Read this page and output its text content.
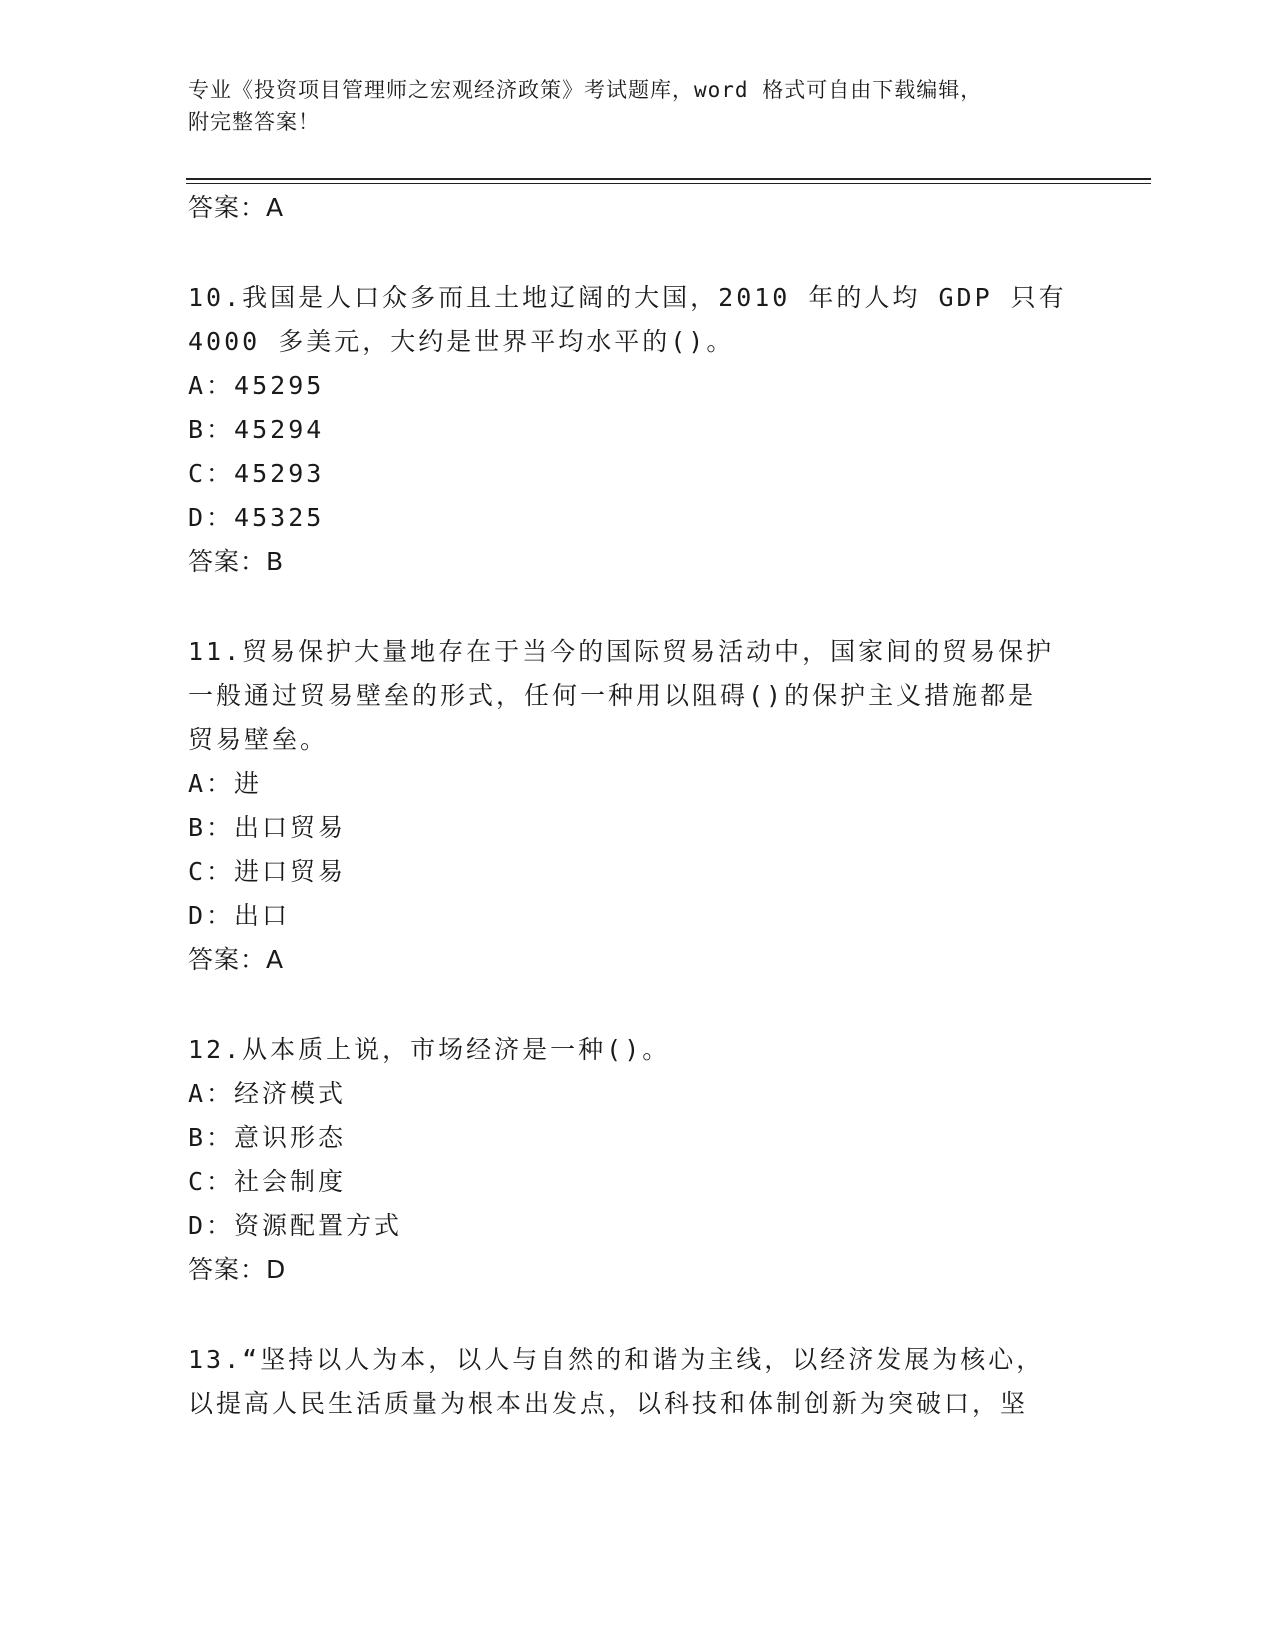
专业《投资项目管理师之宏观经济政策》考试题库，word 格式可自由下载编辑，
附完整答案！
答案：A
10.我国是人口众多而且土地辽阔的大国，2010 年的人均 GDP 只有
4000 多美元，大约是世界平均水平的()。
A：45295
B：45294
C：45293
D：45325
答案：B
11.贸易保护大量地存在于当今的国际贸易活动中，国家间的贸易保护
一般通过贸易壁垒的形式，任何一种用以阻碍()的保护主义措施都是
贸易壁垒。
A：进
B：出口贸易
C：进口贸易
D：出口
答案：A
12.从本质上说，市场经济是一种()。
A：经济模式
B：意识形态
C：社会制度
D：资源配置方式
答案：D
13.“坚持以人为本，以人与自然的和谐为主线，以经济发展为核心，
以提高人民生活质量为根本出发点，以科技和体制创新为突破口，坚
